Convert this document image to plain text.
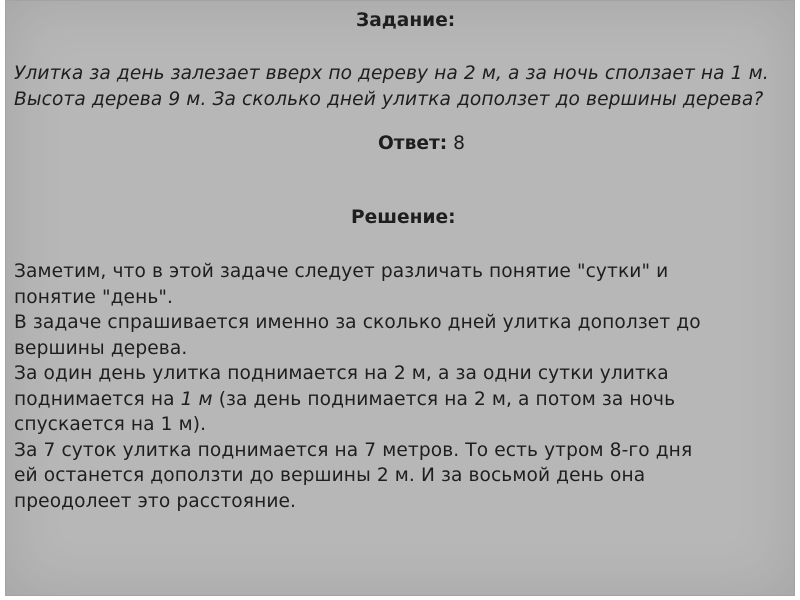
Задание:
Улитка за день залезает вверх по дереву на 2 м, а за ночь сползает на 1 м. Высота дерева 9 м. За сколько дней улитка доползет до вершины дерева?
Ответ: 8
Решение:

Заметим, что в этой задаче следует различать понятие "сутки" и

понятие "день".

В задаче спрашивается именно за сколько дней улитка доползет до

вершины дерева.

За один день улитка поднимается на 2 м, а за одни сутки улитка

поднимается на 1 м (за день поднимается на 2 м, а потом за ночь

спускается на 1 м).

За 7 суток улитка поднимается на 7 метров. То есть утром 8-го дня

ей останется доползти до вершины 2 м. И за восьмой день она

преодолеет это расстояние.
